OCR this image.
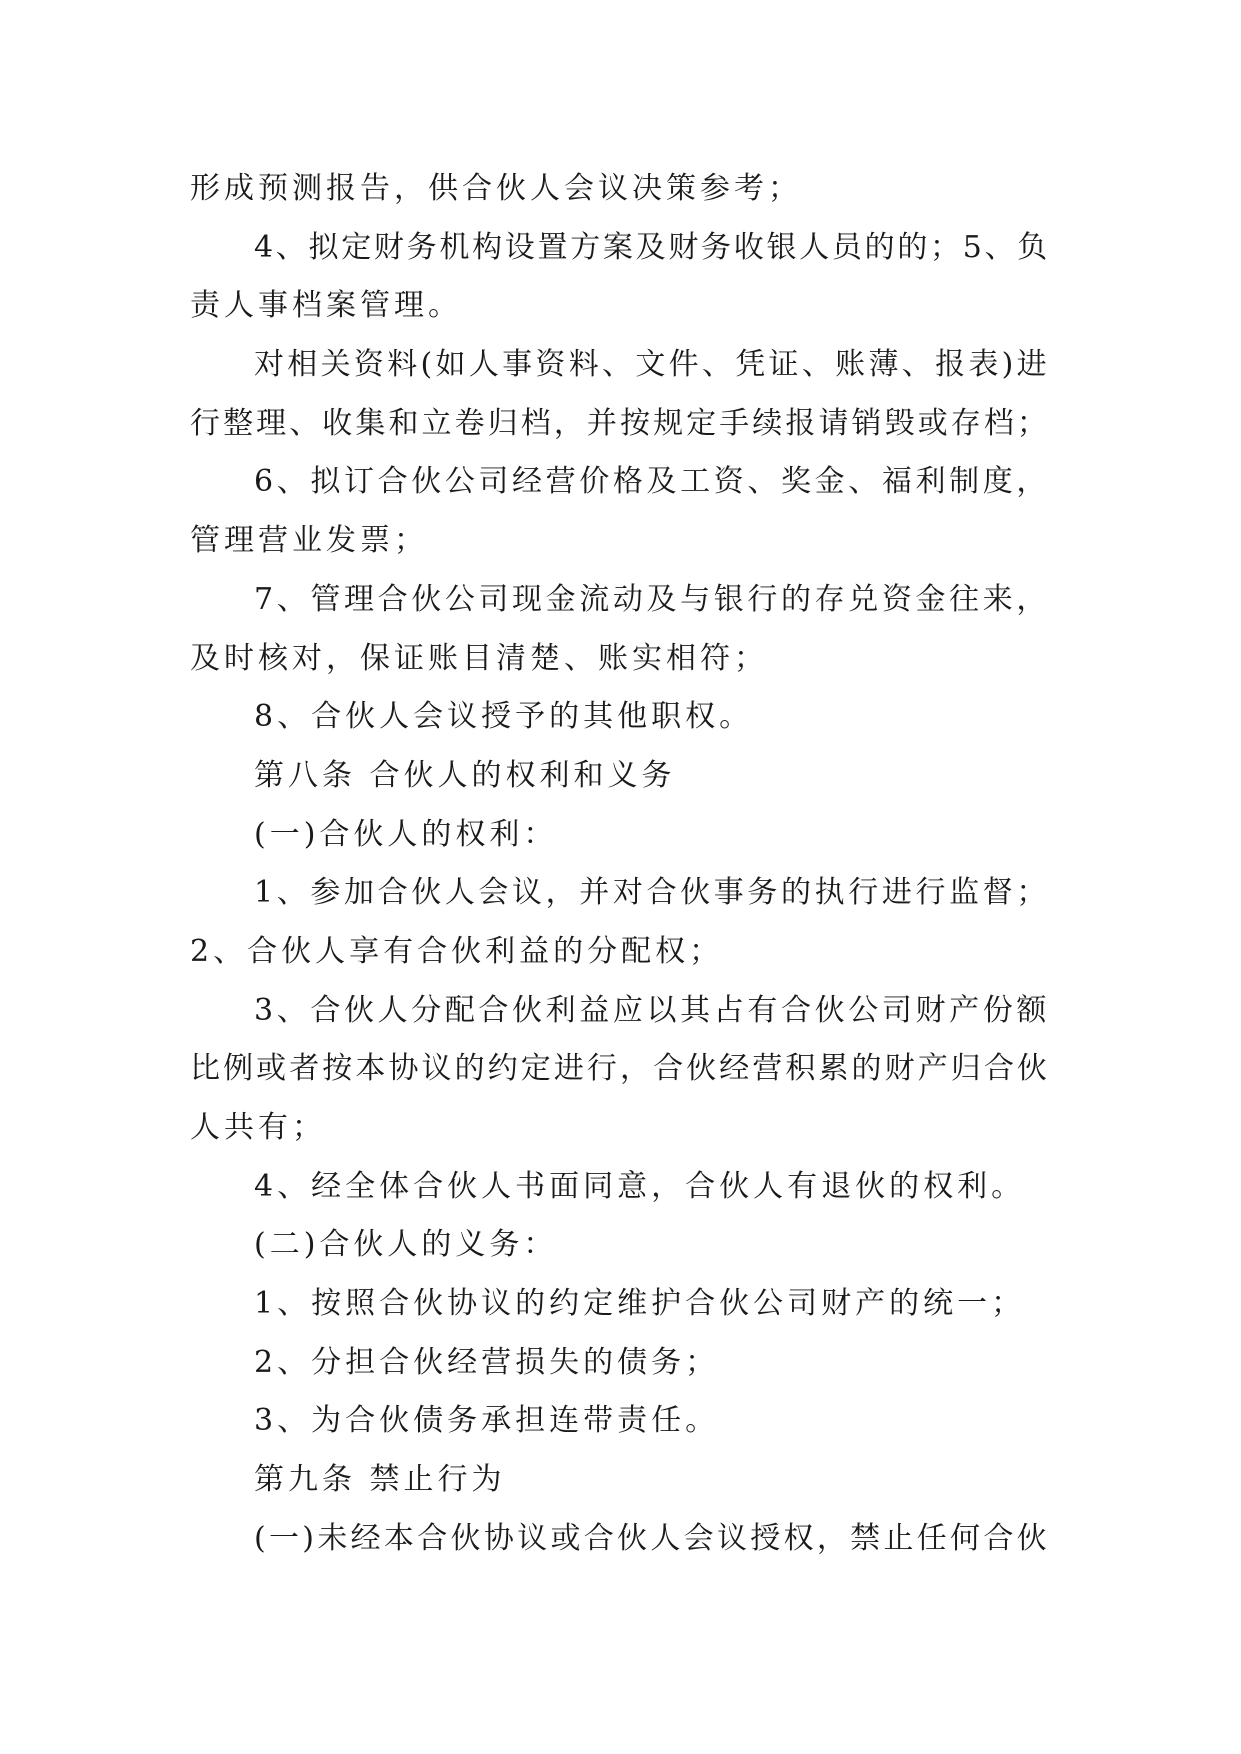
形成预测报告，供合伙人会议决策参考；
4、拟定财务机构设置方案及财务收银人员的的；5、负
责人事档案管理。
对相关资料(如人事资料、文件、凭证、账薄、报表)进
行整理、收集和立卷归档，并按规定手续报请销毁或存档；
6、拟订合伙公司经营价格及工资、奖金、福利制度，
管理营业发票；
7、管理合伙公司现金流动及与银行的存兑资金往来，
及时核对，保证账目清楚、账实相符；
8、合伙人会议授予的其他职权。
第八条 合伙人的权利和义务
(一)合伙人的权利：
1、参加合伙人会议，并对合伙事务的执行进行监督；
2、合伙人享有合伙利益的分配权；
3、合伙人分配合伙利益应以其占有合伙公司财产份额
比例或者按本协议的约定进行，合伙经营积累的财产归合伙
人共有；
4、经全体合伙人书面同意，合伙人有退伙的权利。
(二)合伙人的义务：
1、按照合伙协议的约定维护合伙公司财产的统一；
2、分担合伙经营损失的债务；
3、为合伙债务承担连带责任。
第九条 禁止行为
(一)未经本合伙协议或合伙人会议授权，禁止任何合伙
